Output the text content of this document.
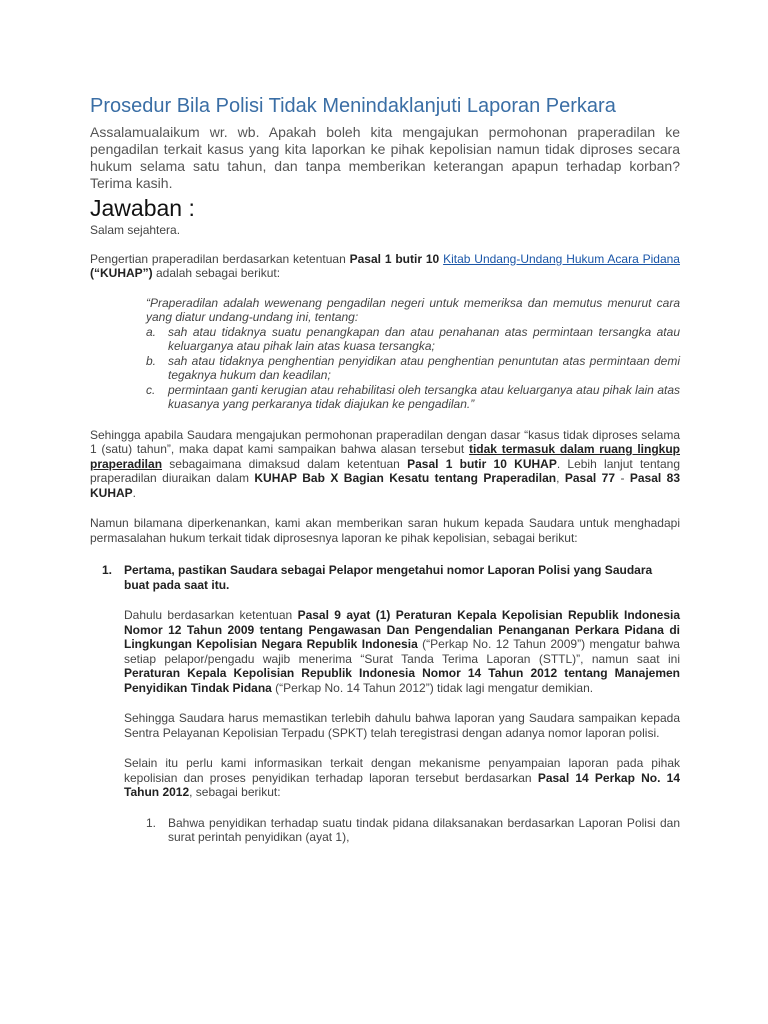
Prosedur Bila Polisi Tidak Menindaklanjuti Laporan Perkara

Assalamualaikum wr. wb. Apakah boleh kita mengajukan permohonan praperadilan ke pengadilan terkait kasus yang kita laporkan ke pihak kepolisian namun tidak diproses secara hukum selama satu tahun, dan tanpa memberikan keterangan apapun terhadap korban? Terima kasih.

Jawaban :

Salam sejahtera.

Pengertian praperadilan berdasarkan ketentuan Pasal 1 butir 10 Kitab Undang-Undang Hukum Acara Pidana (“KUHAP”) adalah sebagai berikut:

“Praperadilan adalah wewenang pengadilan negeri untuk memeriksa dan memutus menurut cara yang diatur undang-undang ini, tentang:
a. sah atau tidaknya suatu penangkapan dan atau penahanan atas permintaan tersangka atau keluarganya atau pihak lain atas kuasa tersangka;
b. sah atau tidaknya penghentian penyidikan atau penghentian penuntutan atas permintaan demi tegaknya hukum dan keadilan;
c.	permintaan ganti kerugian atau rehabilitasi oleh tersangka atau keluarganya atau pihak lain atas kuasanya yang perkaranya tidak diajukan ke pengadilan.”

Sehingga apabila Saudara mengajukan permohonan praperadilan dengan dasar “kasus tidak diproses selama 1 (satu) tahun”, maka dapat kami sampaikan bahwa alasan tersebut tidak termasuk dalam ruang lingkup praperadilan sebagaimana dimaksud dalam ketentuan Pasal 1 butir 10 KUHAP. Lebih lanjut tentang praperadilan diuraikan dalam KUHAP Bab X Bagian Kesatu tentang Praperadilan, Pasal 77 - Pasal 83 KUHAP.

Namun bilamana diperkenankan, kami akan memberikan saran hukum kepada Saudara untuk menghadapi permasalahan hukum terkait tidak diprosesnya laporan ke pihak kepolisian, sebagai berikut:

1. Pertama, pastikan Saudara sebagai Pelapor mengetahui nomor Laporan Polisi yang Saudara buat pada saat itu.

Dahulu berdasarkan ketentuan Pasal 9 ayat (1) Peraturan Kepala Kepolisian Republik Indonesia Nomor 12 Tahun 2009 tentang Pengawasan Dan Pengendalian Penanganan Perkara Pidana di Lingkungan Kepolisian Negara Republik Indonesia (“Perkap No. 12 Tahun 2009”) mengatur bahwa setiap pelapor/pengadu wajib menerima “Surat Tanda Terima Laporan (STTL)”, namun saat ini Peraturan Kepala Kepolisian Republik Indonesia Nomor 14 Tahun 2012 tentang Manajemen Penyidikan Tindak Pidana (“Perkap No. 14 Tahun 2012”) tidak lagi mengatur demikian.

Sehingga Saudara harus memastikan terlebih dahulu bahwa laporan yang Saudara sampaikan kepada Sentra Pelayanan Kepolisian Terpadu (SPKT) telah teregistrasi dengan adanya nomor laporan polisi.

Selain itu perlu kami informasikan terkait dengan mekanisme penyampaian laporan pada pihak kepolisian dan proses penyidikan terhadap laporan tersebut berdasarkan Pasal 14 Perkap No. 14 Tahun 2012, sebagai berikut:

1. Bahwa penyidikan terhadap suatu tindak pidana dilaksanakan berdasarkan Laporan Polisi dan surat perintah penyidikan (ayat 1),
